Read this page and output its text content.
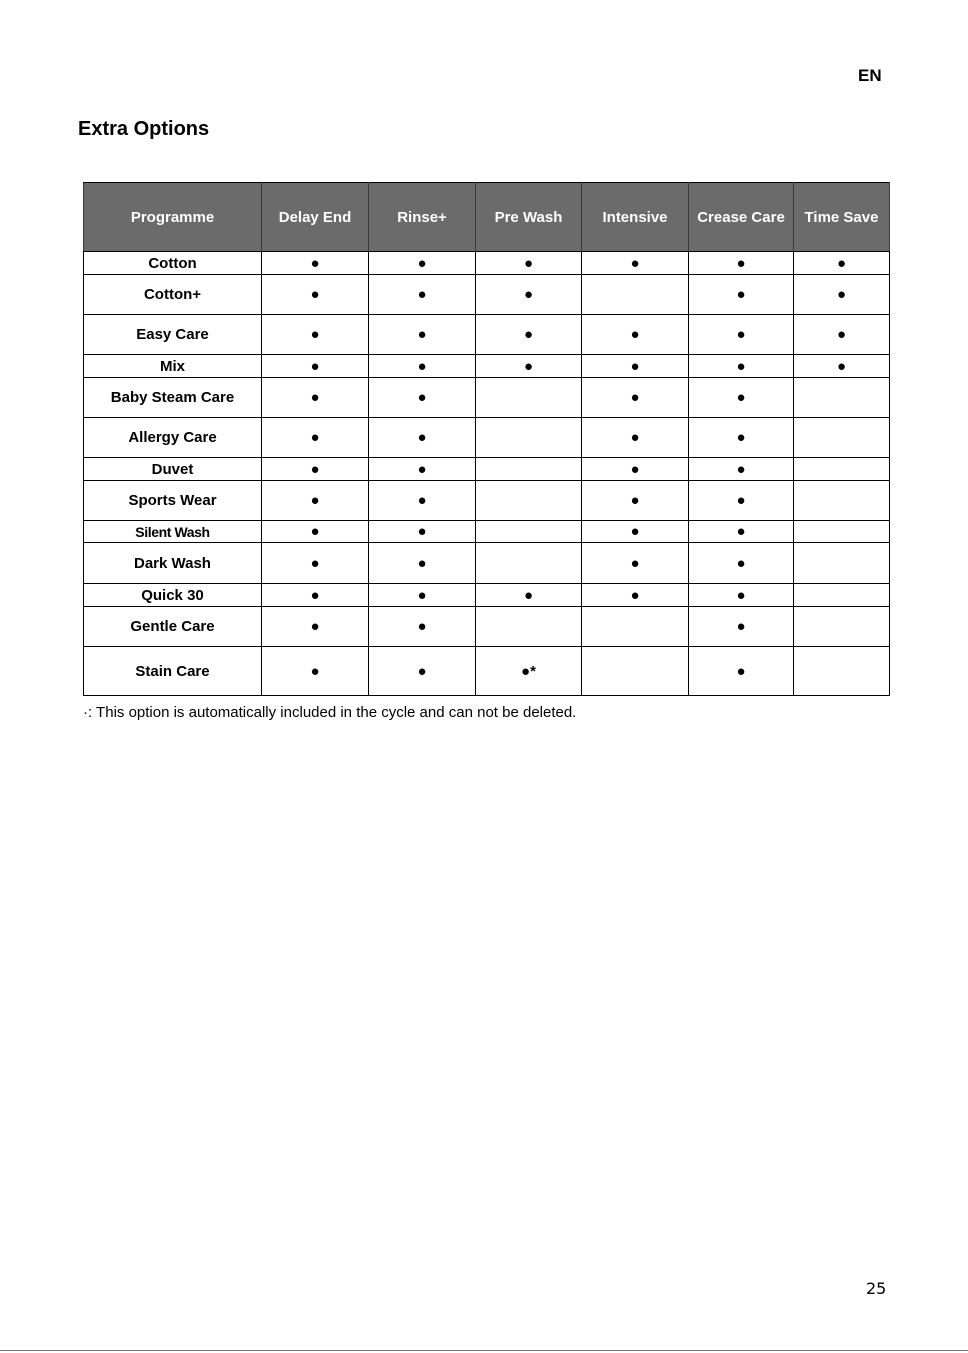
EN
Extra Options
Programme	Delay End	Rinse+	Pre Wash	Intensive	Crease Care	Time Save
Cotton	●	●	●	●	●	●
Cotton+	●	●	●		●	●
Easy Care	●	●	●	●	●	●
Mix	●	●	●	●	●	●
Baby Steam Care	●	●		●	●	
Allergy Care	●	●		●	●	
Duvet	●	●		●	●	
Sports Wear	●	●		●	●	
Silent Wash	●	●		●	●	
Dark Wash	●	●		●	●	
Quick 30	●	●	●	●	●	
Gentle Care	●	●			●	
Stain Care	●	●	●*		●	
·: This option is automatically included in the cycle and can not be deleted.
25
